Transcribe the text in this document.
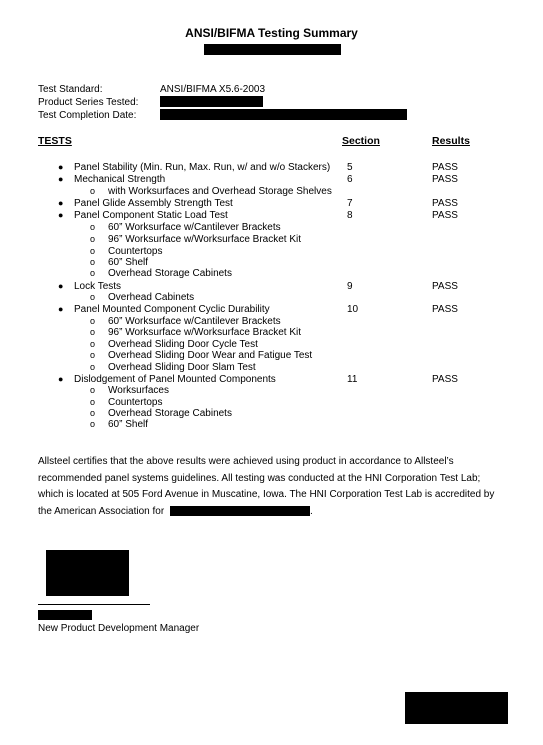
ANSI/BIFMA Testing Summary
Test Standard:	ANSI/BIFMA X5.6-2003
Product Series Tested:
Test Completion Date:
TESTS	Section	Results
● Panel Stability (Min. Run, Max. Run, w/ and w/o Stackers) 5	PASS
● Mechanical Strength	6	PASS
o with Worksurfaces and Overhead Storage Shelves
● Panel Glide Assembly Strength Test	7	PASS
● Panel Component Static Load Test	8	PASS
o 60” Worksurface w/Cantilever Brackets
o 96” Worksurface w/Worksurface Bracket Kit
o Countertops
o 60” Shelf
o Overhead Storage Cabinets
● Lock Tests	9	PASS
o Overhead Cabinets
● Panel Mounted Component Cyclic Durability	10	PASS
o 60” Worksurface w/Cantilever Brackets
o 96” Worksurface w/Worksurface Bracket Kit
o Overhead Sliding Door Cycle Test
o Overhead Sliding Door Wear and Fatigue Test
o Overhead Sliding Door Slam Test
● Dislodgement of Panel Mounted Components	11	PASS
o Worksurfaces
o Countertops
o Overhead Storage Cabinets
o 60” Shelf
Allsteel certifies that the above results were achieved using product in accordance to Allsteel’s
recommended panel systems guidelines. All testing was conducted at the HNI Corporation Test Lab;
which is located at 505 Ford Avenue in Muscatine, Iowa. The HNI Corporation Test Lab is accredited by
the American Association for	.
New Product Development Manager
